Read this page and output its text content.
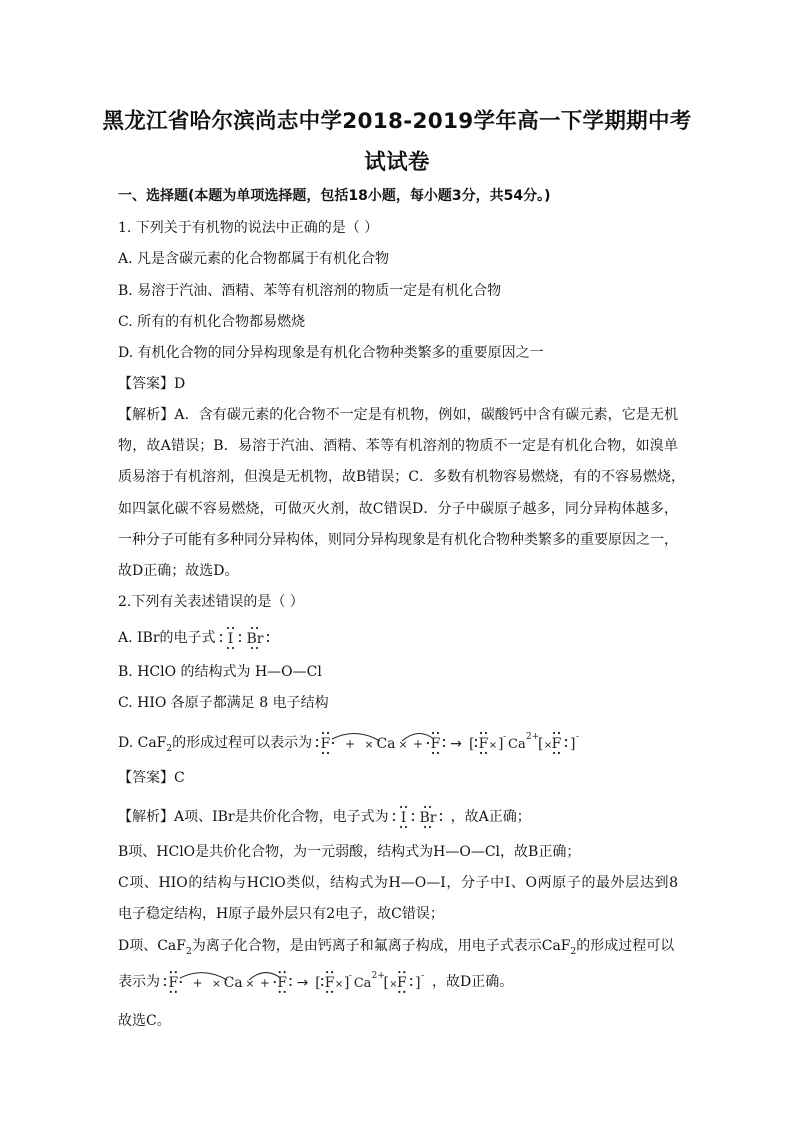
黑龙江省哈尔滨尚志中学2018-2019学年高一下学期期中考
试试卷
一、选择题(本题为单项选择题，包括18小题，每小题3分，共54分。)
1. 下列关于有机物的说法中正确的是（ ）
A. 凡是含碳元素的化合物都属于有机化合物
B. 易溶于汽油、酒精、苯等有机溶剂的物质一定是有机化合物
C. 所有的有机化合物都易燃烧
D. 有机化合物的同分异构现象是有机化合物种类繁多的重要原因之一
【答案】D
【解析】A．含有碳元素的化合物不一定是有机物，例如，碳酸钙中含有碳元素，它是无机
物，故A错误；B．易溶于汽油、酒精、苯等有机溶剂的物质不一定是有机化合物，如溴单
质易溶于有机溶剂，但溴是无机物，故B错误；C．多数有机物容易燃烧，有的不容易燃烧，
如四氯化碳不容易燃烧，可做灭火剂，故C错误D．分子中碳原子越多，同分异构体越多，
一种分子可能有多种同分异构体，则同分异构现象是有机化合物种类繁多的重要原因之一，
故D正确；故选D。
2.下列有关表述错误的是（ ）
A. IBr的电子式 I Br
B. HClO 的结构式为 H—O—Cl
C. HIO 各原子都满足 8 电子结构
D. CaF$_2$的形成过程可以表示为 F + × Ca × + F → [ F × ] - Ca 2+
[ × F ] -
【答案】C
【解析】A项、IBr是共价化合物，电子式为 I Br ，故A正确；
B项、HClO是共价化合物，为一元弱酸，结构式为H—O—Cl，故B正确；
C项、HIO的结构与HClO类似，结构式为H—O—I，分子中I、O两原子的最外层达到8
电子稳定结构，H原子最外层只有2电子，故C错误；
D项、CaF$_2$为离子化合物，是由钙离子和氟离子构成，用电子式表示CaF$_2$的形成过程可以
表示为 F + × Ca × + F → [ F × ] - Ca 2+
[ × F ] - ，故D正确。
故选C。
